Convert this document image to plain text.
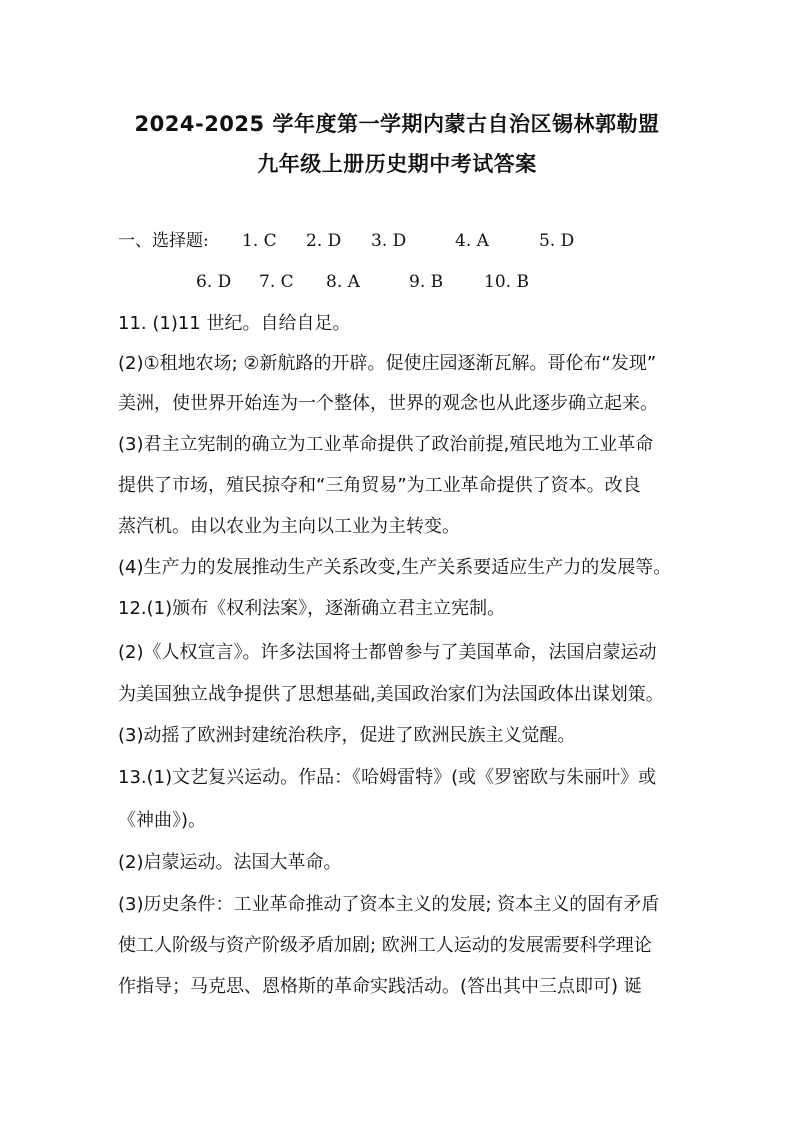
2024-2025 学年度第一学期内蒙古自治区锡林郭勒盟
九年级上册历史期中考试答案
一、选择题: 1. C 2. D 3. D	4. A	5. D
6. D 7. C 8. A	9. B 10. B
11. (1)11 世纪。自给自足。
(2)①租地农场; ②新航路的开辟。促使庄园逐渐瓦解。哥伦布“发现”
美洲，使世界开始连为一个整体，世界的观念也从此逐步确立起来。
(3)君主立宪制的确立为工业革命提供了政治前提,殖民地为工业革命
提供了市场，殖民掠夺和“三角贸易”为工业革命提供了资本。改良
蒸汽机。由以农业为主向以工业为主转变。
(4)生产力的发展推动生产关系改变,生产关系要适应生产力的发展等。
12.(1)颁布《权利法案》，逐渐确立君主立宪制。
(2)《人权宣言》。许多法国将士都曾参与了美国革命，法国启蒙运动
为美国独立战争提供了思想基础,美国政治家们为法国政体出谋划策。
(3)动摇了欧洲封建统治秩序，促进了欧洲民族主义觉醒。
13.(1)文艺复兴运动。作品：《哈姆雷特》(或《罗密欧与朱丽叶》或
《神曲》)。
(2)启蒙运动。法国大革命。
(3)历史条件：工业革命推动了资本主义的发展; 资本主义的固有矛盾
使工人阶级与资产阶级矛盾加剧; 欧洲工人运动的发展需要科学理论
作指导；马克思、恩格斯的革命实践活动。(答出其中三点即可) 诞
